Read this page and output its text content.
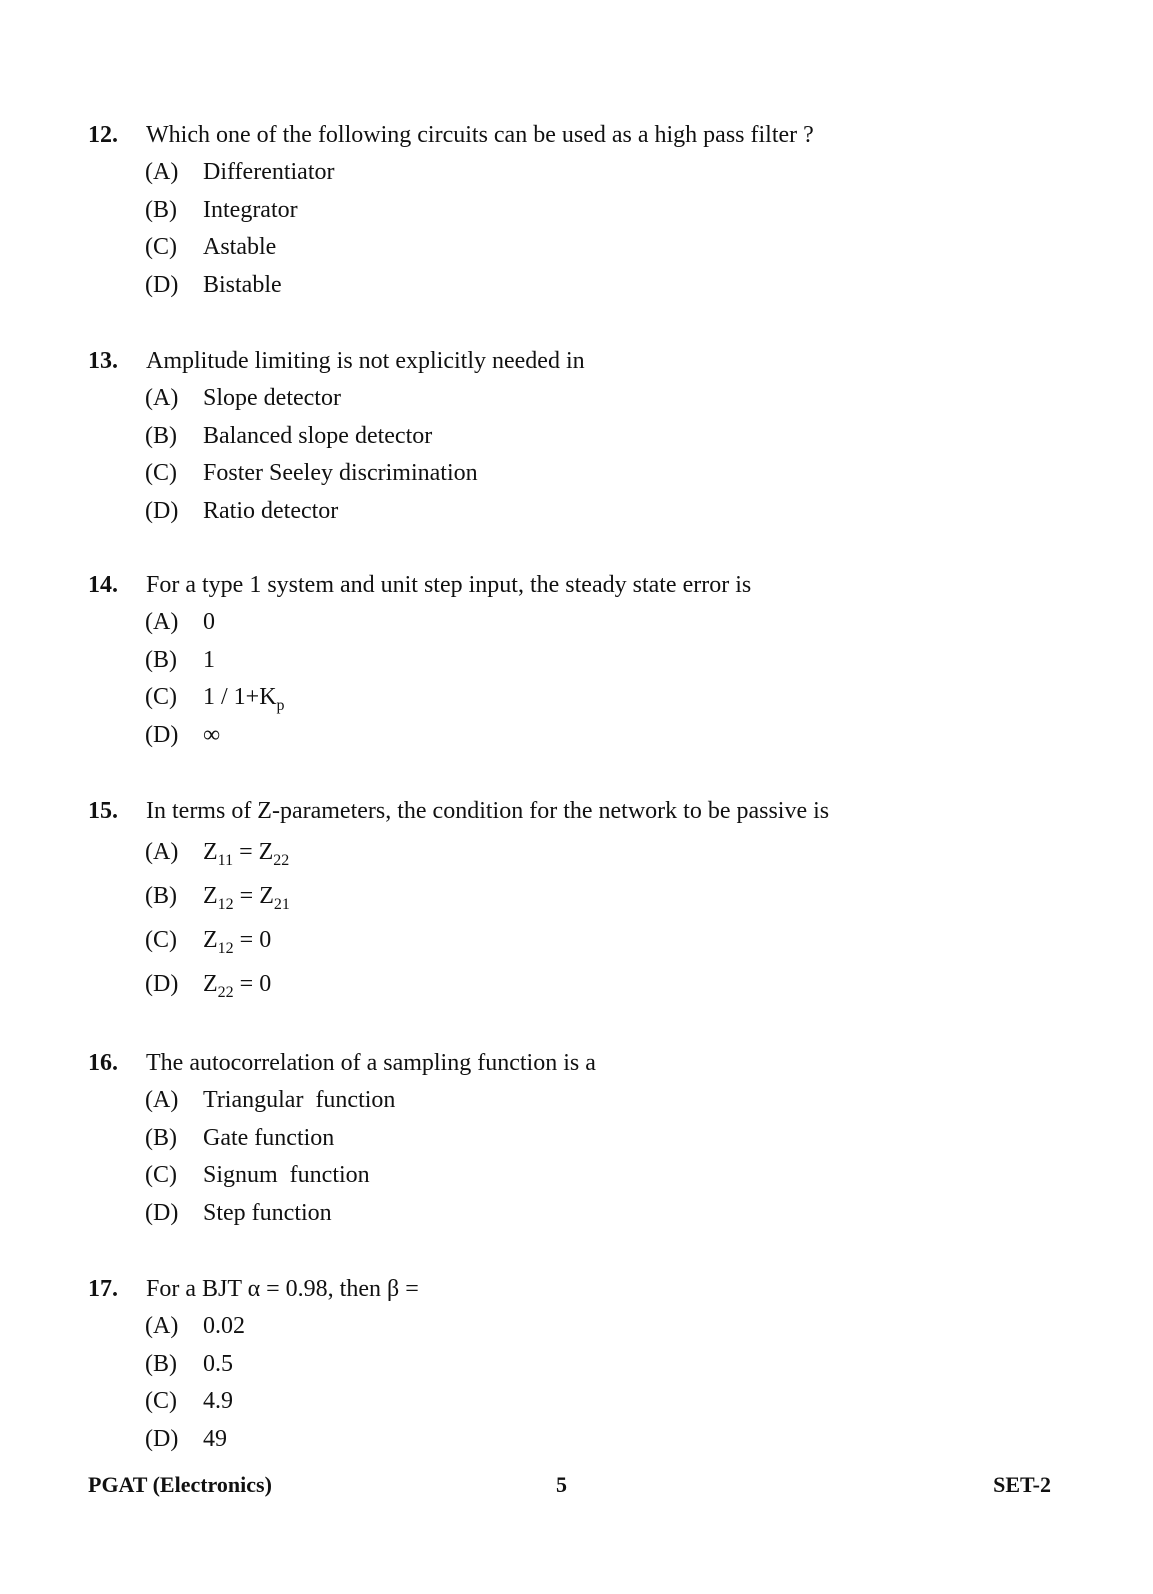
12. Which one of the following circuits can be used as a high pass filter ?
(A) Differentiator
(B) Integrator
(C) Astable
(D) Bistable
13. Amplitude limiting is not explicitly needed in
(A) Slope detector
(B) Balanced slope detector
(C) Foster Seeley discrimination
(D) Ratio detector
14. For a type 1 system and unit step input, the steady state error is
(A) 0
(B) 1
(C) $1 / 1+K_p$
(D) ∞
15. In terms of Z-parameters, the condition for the network to be passive is
(A) $Z_{11} = Z_{22}$
(B) $Z_{12} = Z_{21}$
(C) $Z_{12} = 0$
(D) $Z_{22} = 0$
16. The autocorrelation of a sampling function is a
(A) Triangular  function
(B) Gate function
(C) Signum  function
(D) Step function
17. For a BJT α = 0.98, then β =
(A) 0.02
(B) 0.5
(C) 4.9
(D) 49
PGAT (Electronics)	5	SET-2
